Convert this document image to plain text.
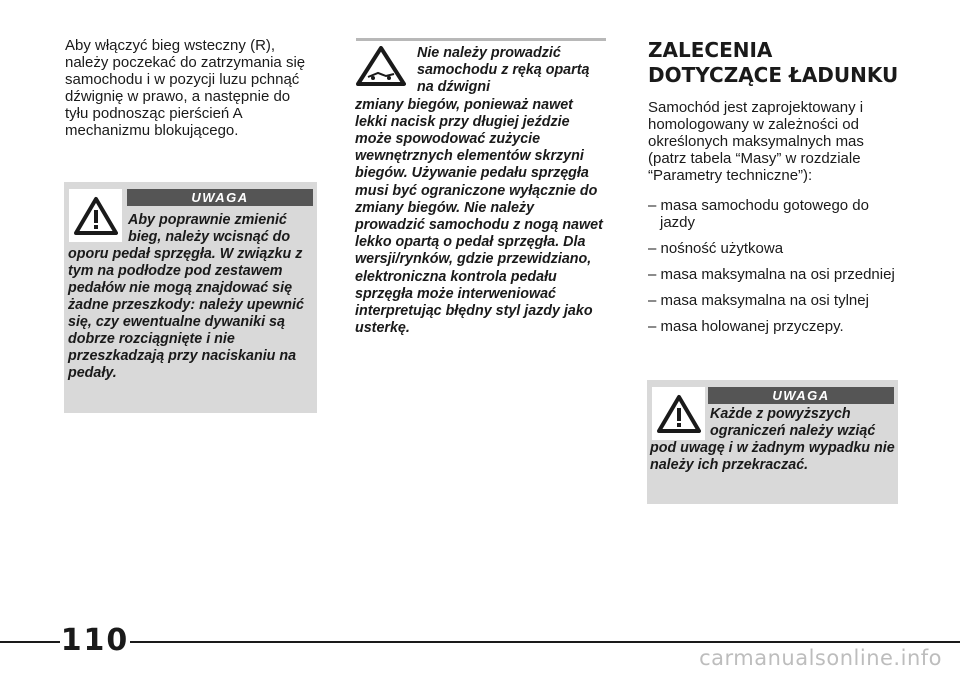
Aby włączyć bieg wsteczny (R), należy poczekać do zatrzymania się samochodu i w pozycji luzu pchnąć dźwignię w prawo, a następnie do tyłu podnosząc pierścień A mechanizmu blokującego.

UWAGA

Aby poprawnie zmienić bieg, należy wcisnąć do
oporu pedał sprzęgła. W związku z tym na podłodze pod zestawem pedałów nie mogą znajdować się żadne przeszkody: należy upewnić się, czy ewentualne dywaniki są dobrze rozciągnięte i nie przeszkadzają przy naciskaniu na pedały.

Nie należy prowadzić samochodu z ręką opartą na dźwigni
zmiany biegów, ponieważ nawet lekki nacisk przy długiej jeździe może spowodować zużycie wewnętrznych elementów skrzyni biegów. Używanie pedału sprzęgła musi być ograniczone wyłącznie do zmiany biegów. Nie należy prowadzić samochodu z nogą nawet lekko opartą o pedał sprzęgła. Dla wersji/rynków, gdzie przewidziano, elektroniczna kontrola pedału sprzęgła może interweniować interpretując błędny styl jazdy jako usterkę.

ZALECENIA
DOTYCZĄCE ŁADUNKU

Samochód jest zaprojektowany i homologowany w zależności od określonych maksymalnych mas (patrz tabela “Masy” w rozdziale “Parametry techniczne”):

– masa samochodu gotowego do jazdy
– nośność użytkowa
– masa maksymalna na osi przedniej
– masa maksymalna na osi tylnej
– masa holowanej przyczepy.
UWAGA

Każde z powyższych ograniczeń należy wziąć
pod uwagę i w żadnym wypadku nie należy ich przekraczać.

110	carmanualsonline.info
